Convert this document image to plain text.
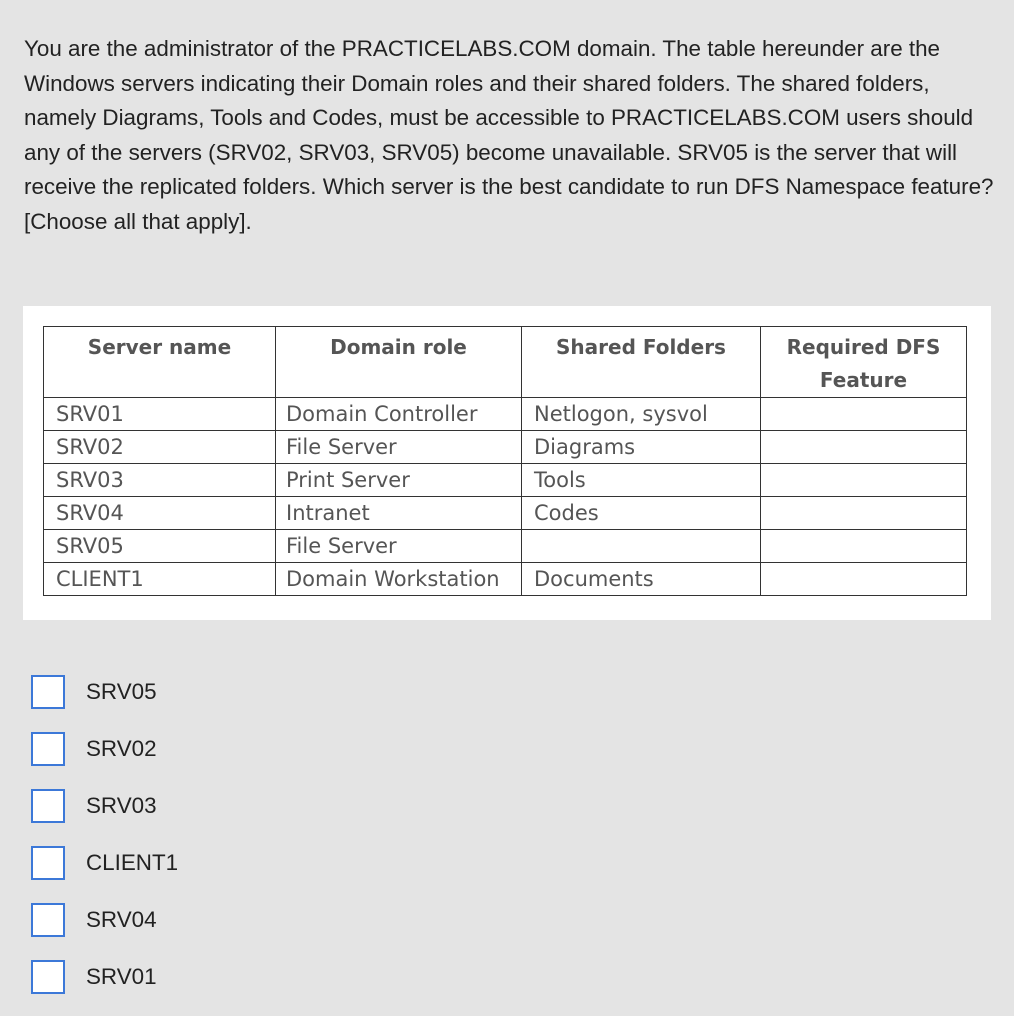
You are the administrator of the PRACTICELABS.COM domain. The table hereunder are the Windows servers indicating their Domain roles and their shared folders. The shared folders, namely Diagrams, Tools and Codes, must be accessible to PRACTICELABS.COM users should any of the servers (SRV02, SRV03, SRV05) become unavailable. SRV05 is the server that will receive the replicated folders. Which server is the best candidate to run DFS Namespace feature? [Choose all that apply].

Server name	Domain role	Shared Folders	Required DFS Feature
SRV01	Domain Controller	Netlogon, sysvol	
SRV02	File Server	Diagrams	
SRV03	Print Server	Tools	
SRV04	Intranet	Codes	
SRV05	File Server		
CLIENT1	Domain Workstation	Documents	
SRV05
SRV02
SRV03
CLIENT1
SRV04
SRV01
